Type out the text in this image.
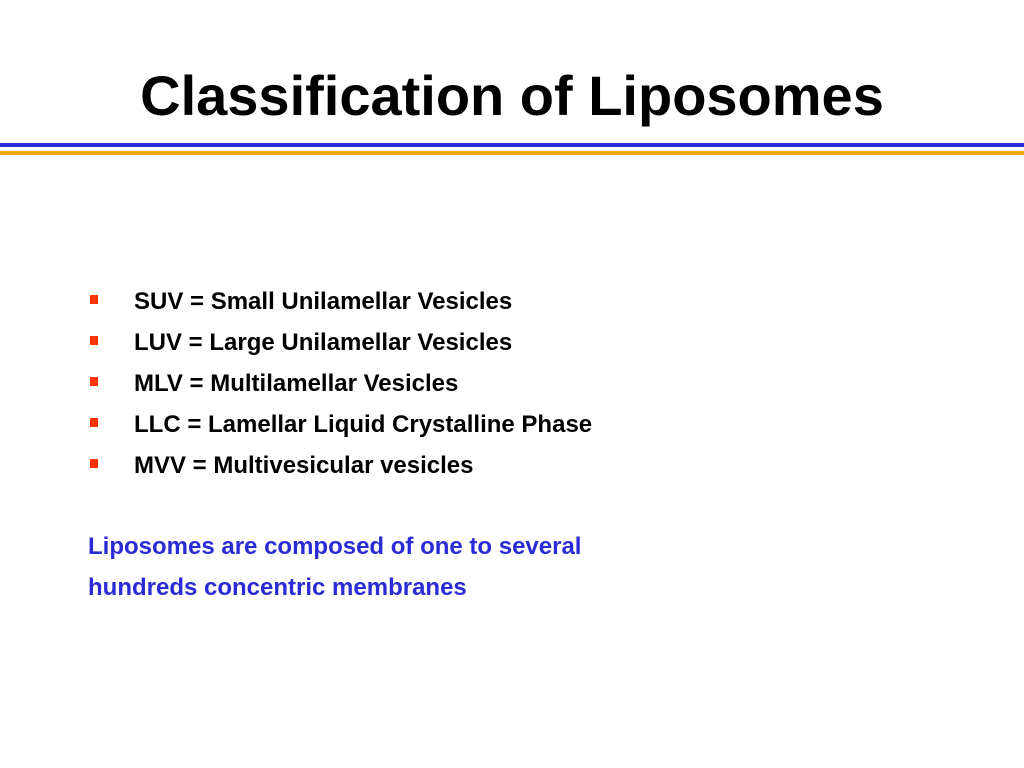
Classification of Liposomes
SUV = Small Unilamellar Vesicles
LUV = Large Unilamellar Vesicles
MLV = Multilamellar Vesicles
LLC = Lamellar Liquid Crystalline Phase
MVV = Multivesicular vesicles

Liposomes are composed of one to several
hundreds concentric membranes
